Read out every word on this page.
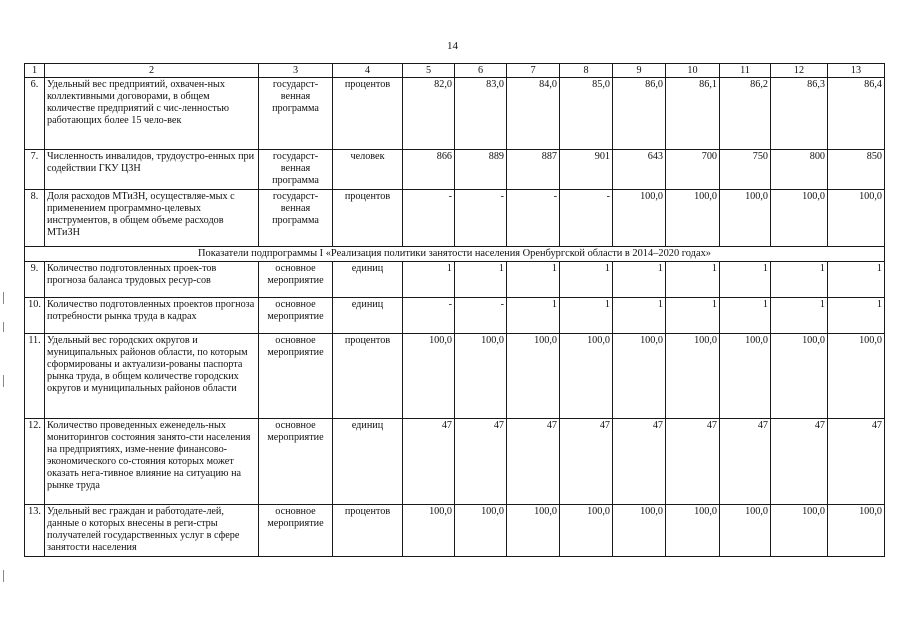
14
1	2	3	4	5	6	7	8	9	10	11	12	13
6.	Удельный вес предприятий, охвачен-ных коллективными договорами, в общем количестве предприятий с чис-ленностью работающих более 15 чело-век	государст-венная программа	процентов	82,0	83,0	84,0	85,0	86,0	86,1	86,2	86,3	86,4
7.	Численность инвалидов, трудоустро-енных при содействии ГКУ ЦЗН	государст-венная программа	человек	866	889	887	901	643	700	750	800	850
8.	Доля расходов МТиЗН, осуществляе-мых с применением программно-целевых инструментов, в общем объеме расходов МТиЗН	государст-венная программа	процентов	-	-	-	-	100,0	100,0	100,0	100,0	100,0
Показатели подпрограммы I «Реализация политики занятости населения Оренбургской области в 2014–2020 годах»												
9.	Количество подготовленных проек-тов прогноза баланса трудовых ресур-сов	основное мероприятие	единиц	1	1	1	1	1	1	1	1	1
10.	Количество подготовленных проектов прогноза потребности рынка труда в кадрах	основное мероприятие	единиц	-	-	1	1	1	1	1	1	1
11.	Удельный вес городских округов и муниципальных районов области, по которым сформированы и актуализи-рованы паспорта рынка труда, в общем количестве городских округов и муниципальных районов области	основное мероприятие	процентов	100,0	100,0	100,0	100,0	100,0	100,0	100,0	100,0	100,0
12.	Количество проведенных еженедель-ных мониторингов состояния занято-сти населения на предприятиях, изме-нение финансово-экономического со-стояния которых может оказать нега-тивное влияние на ситуацию на рынке труда	основное мероприятие	единиц	47	47	47	47	47	47	47	47	47
13.	Удельный вес граждан и работодате-лей, данные о которых внесены в реги-стры получателей государственных услуг в сфере занятости населения	основное мероприятие	процентов	100,0	100,0	100,0	100,0	100,0	100,0	100,0	100,0	100,0
